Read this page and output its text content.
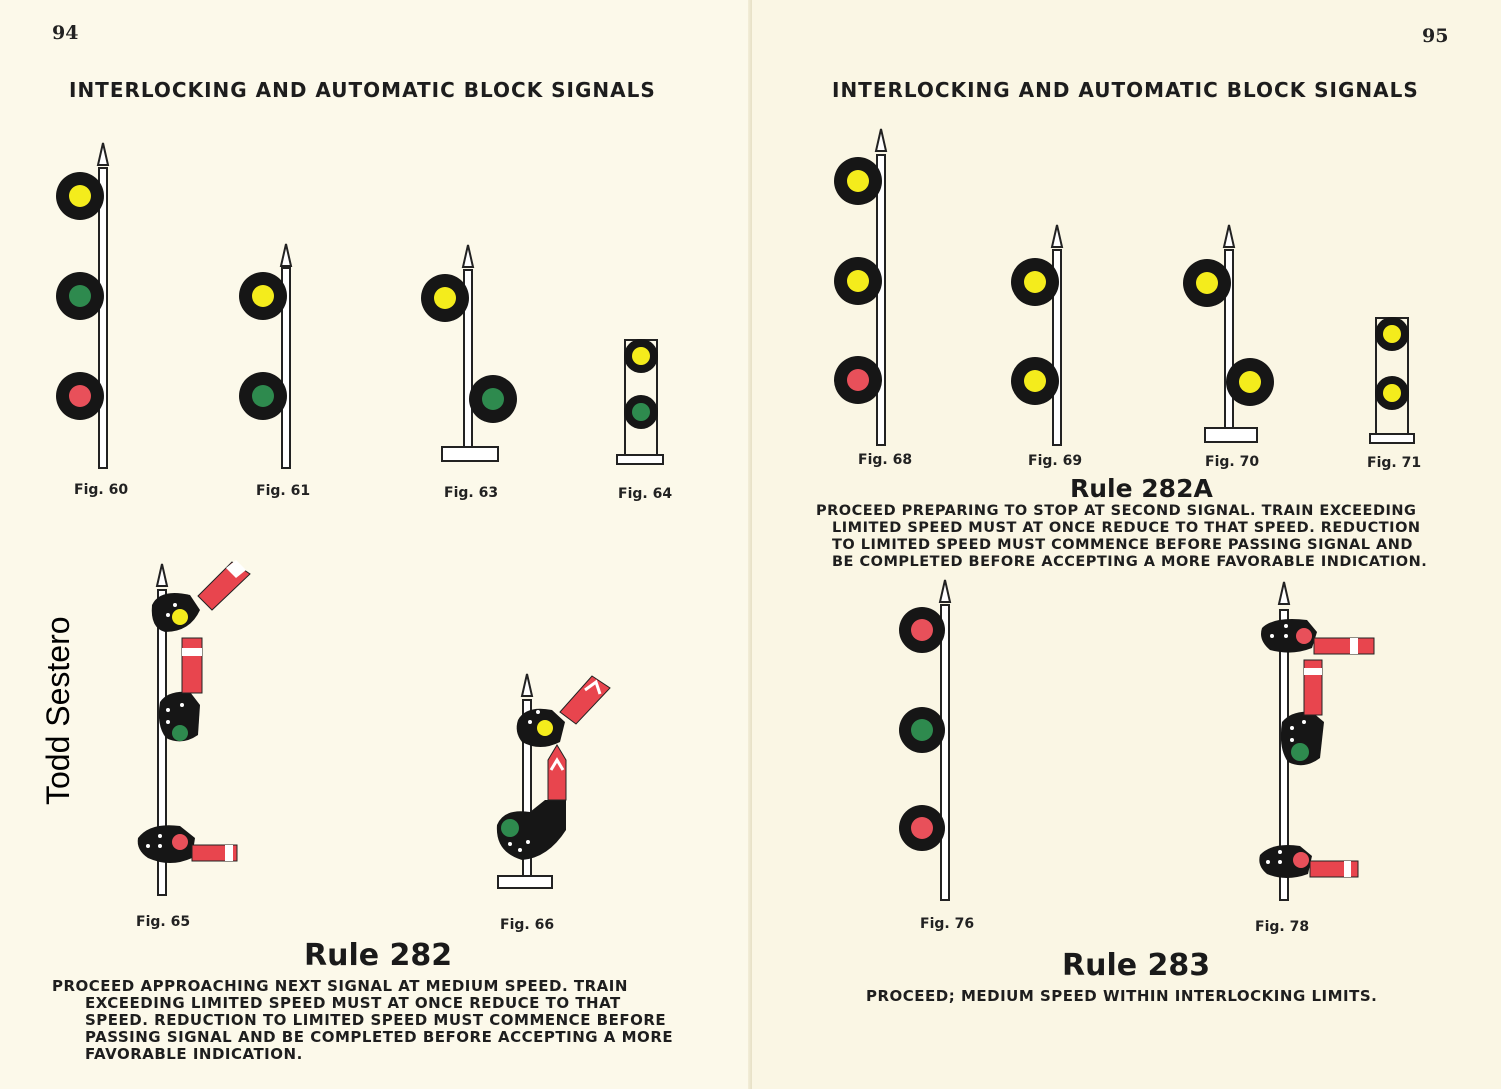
94
INTERLOCKING AND AUTOMATIC BLOCK SIGNALS
Fig. 60	Fig. 61	Fig. 63	Fig. 64
Fig. 65	Fig. 66
Rule 282
PROCEED APPROACHING NEXT SIGNAL AT MEDIUM SPEED. TRAIN
EXCEEDING LIMITED SPEED MUST AT ONCE REDUCE TO THAT
SPEED. REDUCTION TO LIMITED SPEED MUST COMMENCE BEFORE
PASSING SIGNAL AND BE COMPLETED BEFORE ACCEPTING A MORE
FAVORABLE INDICATION.
Todd Sestero
95
INTERLOCKING AND AUTOMATIC BLOCK SIGNALS
Fig. 68	Fig. 69	Fig. 70	Fig. 71
Rule 282A
PROCEED PREPARING TO STOP AT SECOND SIGNAL. TRAIN EXCEEDING
LIMITED SPEED MUST AT ONCE REDUCE TO THAT SPEED. REDUCTION
TO LIMITED SPEED MUST COMMENCE BEFORE PASSING SIGNAL AND
BE COMPLETED BEFORE ACCEPTING A MORE FAVORABLE INDICATION.
Fig. 76	Fig. 78
Rule 283
PROCEED; MEDIUM SPEED WITHIN INTERLOCKING LIMITS.
